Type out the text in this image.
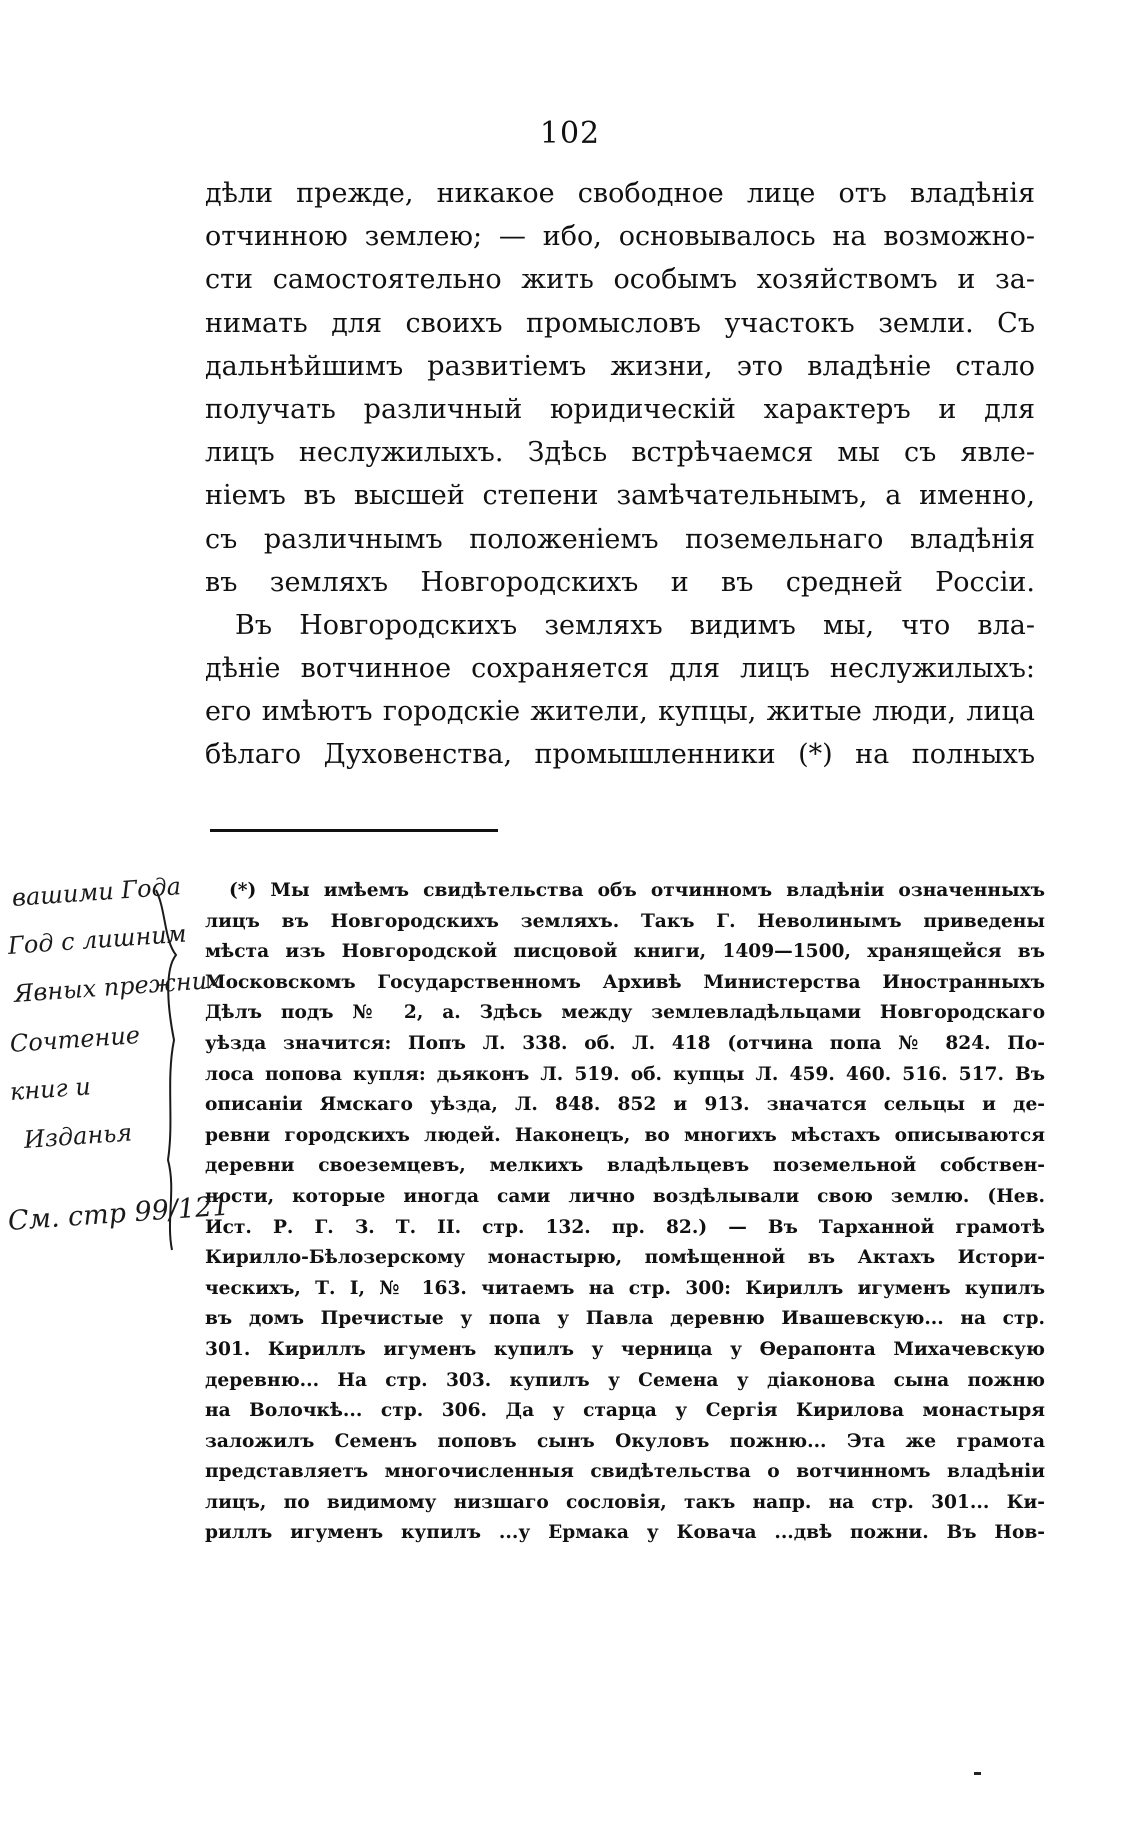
102
дѣли прежде, никакое свободное лице отъ владѣнія
отчинною землею; — ибо, основывалось на возможно-
сти самостоятельно жить особымъ хозяйствомъ и за-
нимать для своихъ промысловъ участокъ земли. Съ
дальнѣйшимъ развитіемъ жизни, это владѣніе стало
получать различный юридическій характеръ и для
лицъ неслужилыхъ. Здѣсь встрѣчаемся мы съ явле-
ніемъ въ высшей степени замѣчательнымъ, а именно,
съ различнымъ положеніемъ поземельнаго владѣнія
въ земляхъ Новгородскихъ и въ средней Россіи.
Въ Новгородскихъ земляхъ видимъ мы, что вла-
дѣніе вотчинное сохраняется для лицъ неслужилыхъ:
его имѣютъ городскіе жители, купцы, житые люди, лица
бѣлаго Духовенства, промышленники (*) на полныхъ
(*) Мы имѣемъ свидѣтельства объ отчинномъ владѣніи означенныхъ
лицъ въ Новгородскихъ земляхъ. Такъ Г. Неволинымъ приведены
мѣста изъ Новгородской писцовой книги, 1409—1500, хранящейся въ
Московскомъ Государственномъ Архивѣ Министерства Иностранныхъ
Дѣлъ подъ № 2, а. Здѣсь между землевладѣльцами Новгородскаго
уѣзда значится: Попъ Л. 338. об. Л. 418 (отчина попа № 824. По-
лоса попова купля: дьяконъ Л. 519. об. купцы Л. 459. 460. 516. 517. Въ
описаніи Ямскаго уѣзда, Л. 848. 852 и 913. значатся сельцы и де-
ревни городскихъ людей. Наконецъ, во многихъ мѣстахъ описываются
деревни своеземцевъ, мелкихъ владѣльцевъ поземельной собствен-
ности, которые иногда сами лично воздѣлывали свою землю. (Нев.
Ист. Р. Г. З. Т. II. стр. 132. пр. 82.) — Въ Тарханной грамотѣ
Кирилло-Бѣлозерскому монастырю, помѣщенной въ Актахъ Истори-
ческихъ, Т. I, № 163. читаемъ на стр. 300: Кириллъ игуменъ купилъ
въ домъ Пречистые у попа у Павла деревню Ивашевскую... на стр.
301. Кириллъ игуменъ купилъ у черница у Ѳерапонта Михачевскую
деревню... На стр. 303. купилъ у Семена у діаконова сына пожню
на Волочкѣ... стр. 306. Да у старца у Сергія Кирилова монастыря
заложилъ Семенъ поповъ сынъ Окуловъ пожню... Эта же грамота
представляетъ многочисленныя свидѣтельства о вотчинномъ владѣніи
лицъ, по видимому низшаго сословія, такъ напр. на стр. 301... Ки-
риллъ игуменъ купилъ ...у Ермака у Ковача ...двѣ пожни. Въ Нов-
вашими Года
Год с лишним
Явных прежних
Сочтение
книг и
Изданья
См. стр 99/121
